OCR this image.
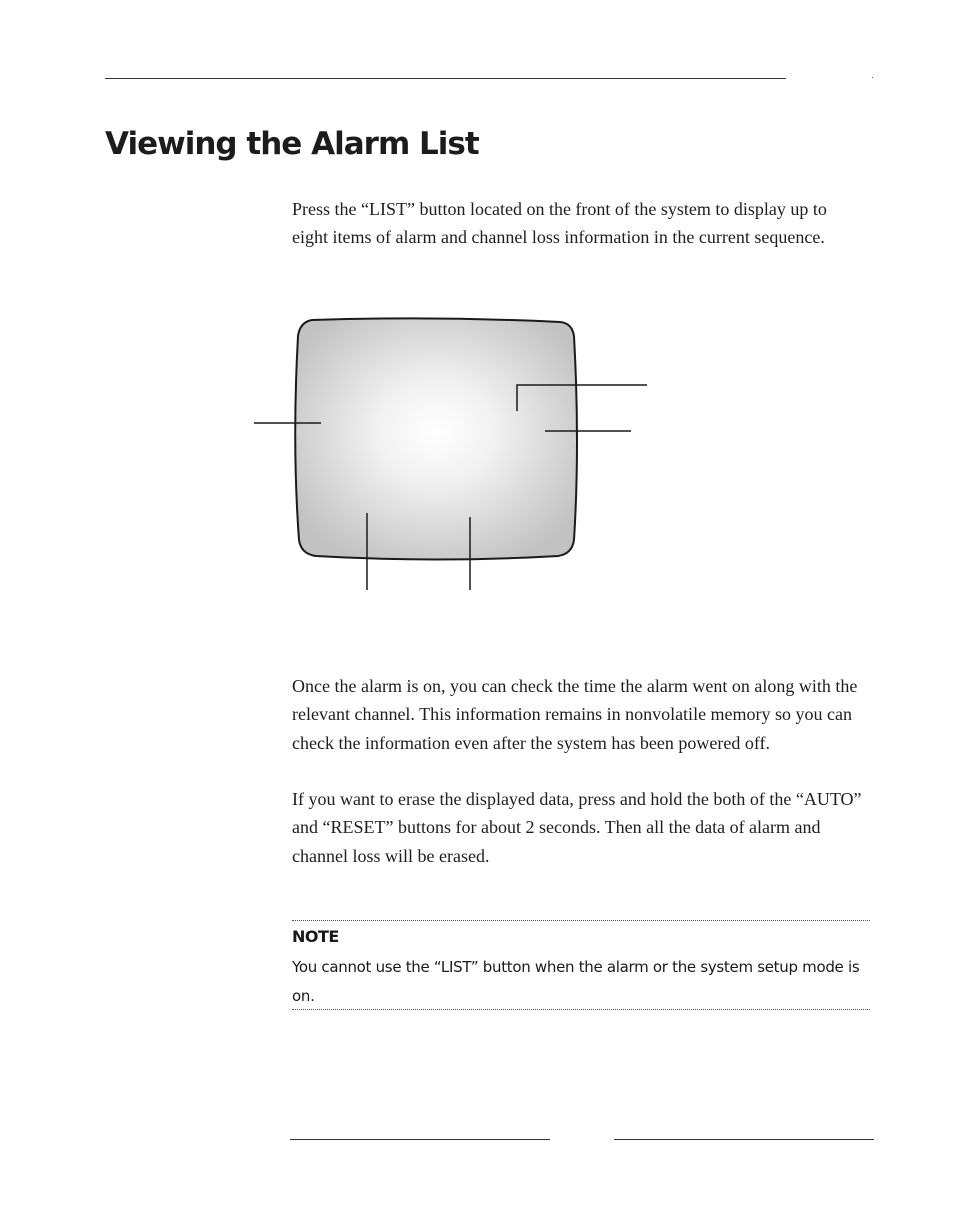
Viewing the Alarm List

Press the “LIST” button located on the front of the system to display up to eight items of alarm and channel loss information in the current sequence.

Once the alarm is on, you can check the time the alarm went on along with the relevant channel. This information remains in nonvolatile memory so you can check the information even after the system has been powered off.

If you want to erase the displayed data, press and hold the both of the “AUTO” and “RESET” buttons for about 2 seconds. Then all the data of alarm and channel loss will be erased.

NOTE

You cannot use the “LIST” button when the alarm or the system setup mode is on.
